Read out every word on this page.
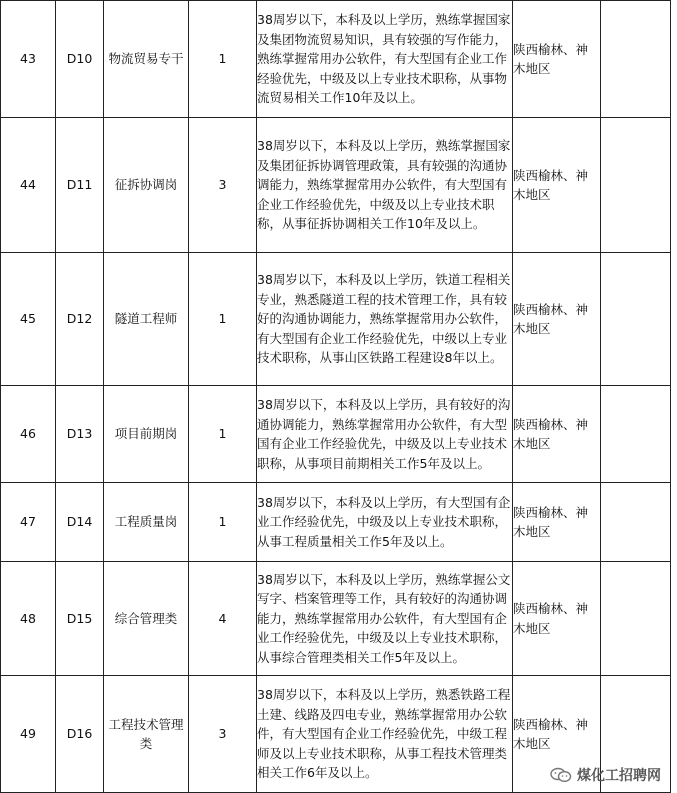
43	D10	物流贸易专干	1	38周岁以下，本科及以上学历，熟练掌握国家及集团物流贸易知识，具有较强的写作能力，熟练掌握常用办公软件，有大型国有企业工作经验优先，中级及以上专业技术职称，从事物流贸易相关工作10年及以上。	陕西榆林、神木地区	
44	D11	征拆协调岗	3	38周岁以下，本科及以上学历，熟练掌握国家及集团征拆协调管理政策，具有较强的沟通协调能力，熟练掌握常用办公软件，有大型国有企业工作经验优先，中级及以上专业技术职称，从事征拆协调相关工作10年及以上。	陕西榆林、神木地区	
45	D12	隧道工程师	1	38周岁以下，本科及以上学历，铁道工程相关专业，熟悉隧道工程的技术管理工作，具有较好的沟通协调能力，熟练掌握常用办公软件，有大型国有企业工作经验优先，中级以上专业技术职称，从事山区铁路工程建设8年以上。	陕西榆林、神木地区	
46	D13	项目前期岗	1	38周岁以下，本科及以上学历，具有较好的沟通协调能力，熟练掌握常用办公软件，有大型国有企业工作经验优先，中级及以上专业技术职称，从事项目前期相关工作5年及以上。	陕西榆林、神木地区	
47	D14	工程质量岗	1	38周岁以下，本科及以上学历，有大型国有企业工作经验优先，中级及以上专业技术职称，从事工程质量相关工作5年及以上。	陕西榆林、神木地区	
48	D15	综合管理类	4	38周岁以下，本科及以上学历，熟练掌握公文写字、档案管理等工作，具有较好的沟通协调能力，熟练掌握常用办公软件，有大型国有企业工作经验优先，中级及以上专业技术职称，从事综合管理类相关工作5年及以上。	陕西榆林、神木地区	
49	D16	工程技术管理类	3	38周岁以下，本科及以上学历，熟悉铁路工程土建、线路及四电专业，熟练掌握常用办公软件，有大型国有企业工作经验优先，中级工程师及以上专业技术职称，从事工程技术管理类相关工作6年及以上。	陕西榆林、神木地区	
煤化工招聘网
